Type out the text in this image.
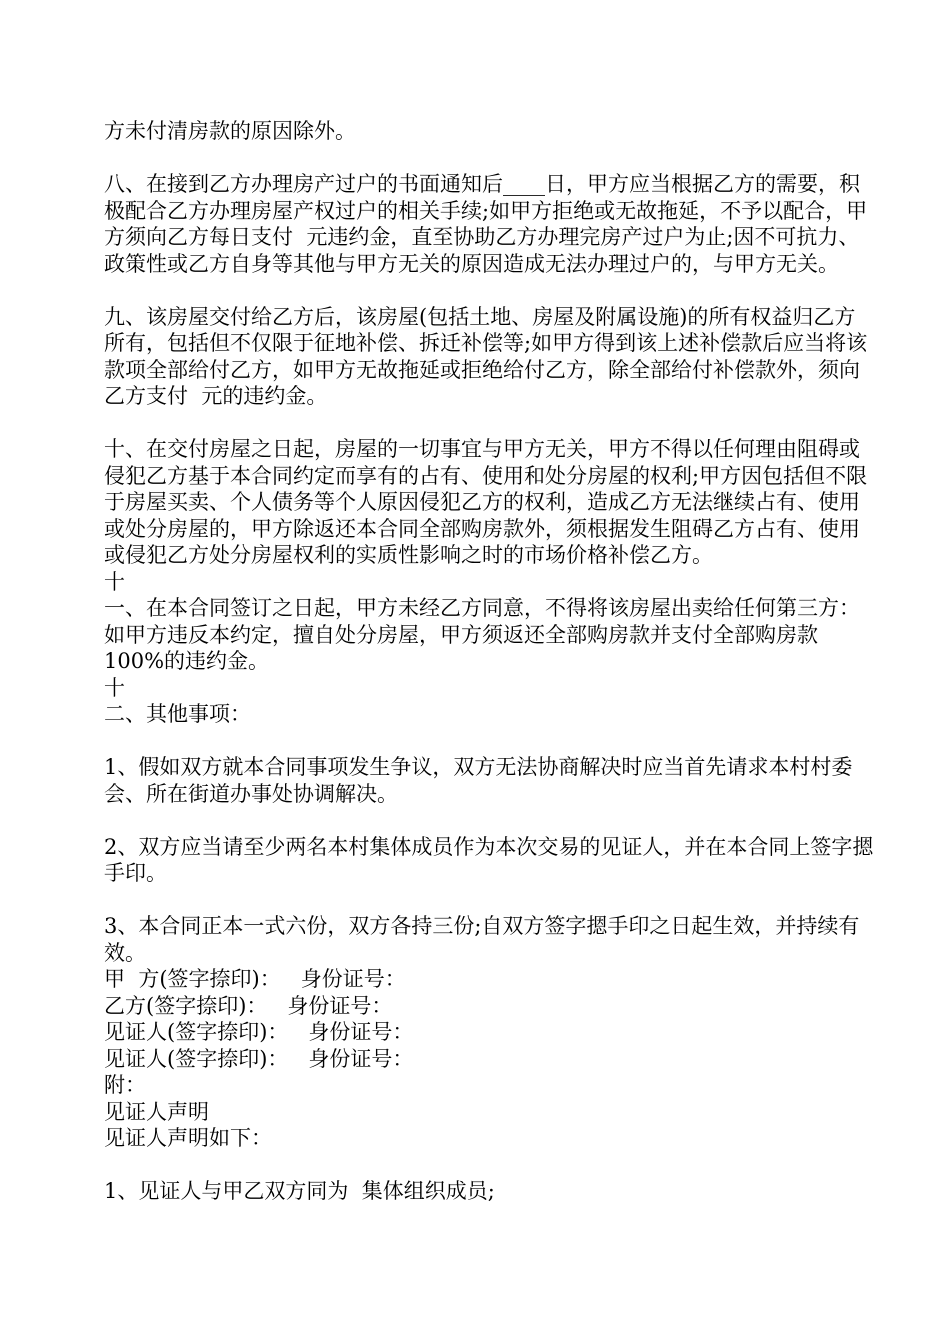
方未付清房款的原因除外。
八、在接到乙方办理房产过户的书面通知后____日，甲方应当根据乙方的需要，积极配合乙方办理房屋产权过户的相关手续;如甲方拒绝或无故拖延，不予以配合，甲方须向乙方每日支付  元违约金，直至协助乙方办理完房产过户为止;因不可抗力、政策性或乙方自身等其他与甲方无关的原因造成无法办理过户的，与甲方无关。
九、该房屋交付给乙方后，该房屋(包括土地、房屋及附属设施)的所有权益归乙方所有，包括但不仅限于征地补偿、拆迁补偿等;如甲方得到该上述补偿款后应当将该款项全部给付乙方，如甲方无故拖延或拒绝给付乙方，除全部给付补偿款外，须向乙方支付  元的违约金。
十、在交付房屋之日起，房屋的一切事宜与甲方无关，甲方不得以任何理由阻碍或侵犯乙方基于本合同约定而享有的占有、使用和处分房屋的权利;甲方因包括但不限于房屋买卖、个人债务等个人原因侵犯乙方的权利，造成乙方无法继续占有、使用或处分房屋的，甲方除返还本合同全部购房款外，须根据发生阻碍乙方占有、使用或侵犯乙方处分房屋权利的实质性影响之时的市场价格补偿乙方。
十
一、在本合同签订之日起，甲方未经乙方同意，不得将该房屋出卖给任何第三方：如甲方违反本约定，擅自处分房屋，甲方须返还全部购房款并支付全部购房款 100%的违约金。
十
二、其他事项：
1、假如双方就本合同事项发生争议，双方无法协商解决时应当首先请求本村村委会、所在街道办事处协调解决。
2、双方应当请至少两名本村集体成员作为本次交易的见证人，并在本合同上签字摁手印。
3、本合同正本一式六份，双方各持三份;自双方签字摁手印之日起生效，并持续有效。
甲  方(签字捺印)：   身份证号：
乙方(签字捺印)：   身份证号：
见证人(签字捺印)：   身份证号：
见证人(签字捺印)：   身份证号：
附：
见证人声明
见证人声明如下：
1、见证人与甲乙双方同为  集体组织成员;
